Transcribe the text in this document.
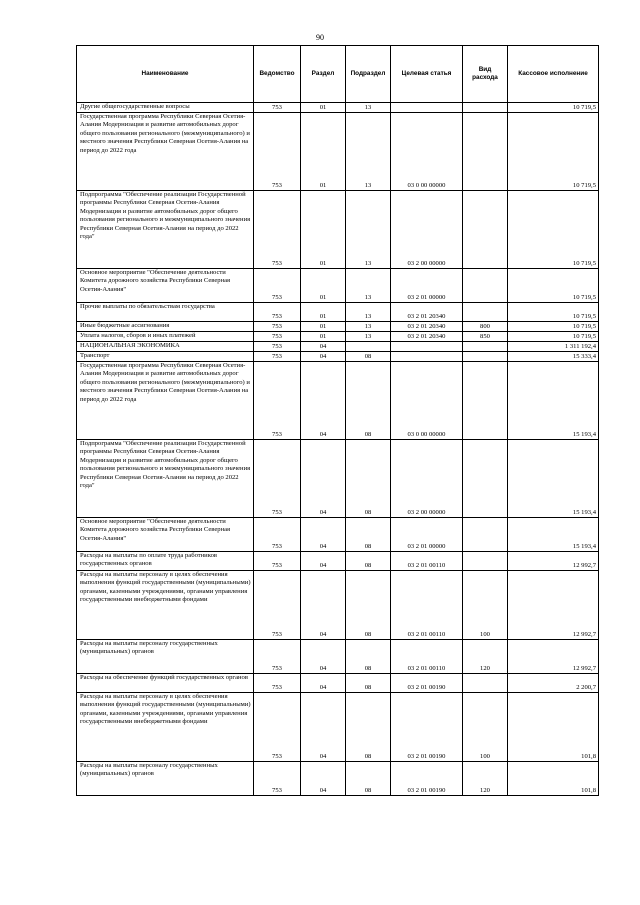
90
Наименование	Ведомство	Раздел	Подраздел	Целевая статья	Вид расхода	Кассовое исполнение
Другие общегосударственные вопросы	753	01	13			10 719,5
Государственная программа Республики Северная Осетия-Алания Модернизация и развитие автомобильных дорог общего пользования регионального (межмуниципального) и местного значения Республики Северная Осетия-Алания на период до 2022 года	753	01	13	03 0 00 00000		10 719,5
Подпрограмма "Обеспечение реализации Государственной программы Республики Северная Осетия-Алания Модернизация и развитие автомобильных дорог общего пользования регионального и межмуниципального значения Республики Северная Осетия-Алания на период до 2022 года"	753	01	13	03 2 00 00000		10 719,5
Основное мероприятие "Обеспечение деятельности Комитета дорожного хозяйства Республики Северная Осетия-Алания"	753	01	13	03 2 01 00000		10 719,5
Прочие выплаты по обязательствам государства	753	01	13	03 2 01 20340		10 719,5
Иные бюджетные ассигнования	753	01	13	03 2 01 20340	800	10 719,5
Уплата налогов, сборов и иных платежей	753	01	13	03 2 01 20340	850	10 719,5
НАЦИОНАЛЬНАЯ ЭКОНОМИКА	753	04				1 311 192,4
Транспорт	753	04	08			15 333,4
Государственная программа Республики Северная Осетия-Алания Модернизация и развитие автомобильных дорог общего пользования регионального (межмуниципального) и местного значения Республики Северная Осетия-Алания на период до 2022 года	753	04	08	03 0 00 00000		15 193,4
Подпрограмма "Обеспечение реализации Государственной программы Республики Северная Осетия-Алания Модернизация и развитие автомобильных дорог общего пользования регионального и межмуниципального значения Республики Северная Осетия-Алания на период до 2022 года"	753	04	08	03 2 00 00000		15 193,4
Основное мероприятие "Обеспечение деятельности Комитета дорожного хозяйства Республики Северная Осетия-Алания"	753	04	08	03 2 01 00000		15 193,4
Расходы на выплаты по оплате труда работников государственных органов	753	04	08	03 2 01 00110		12 992,7
Расходы на выплаты персоналу в целях обеспечения выполнения функций государственными (муниципальными) органами, казенными учреждениями, органами управления государственными внебюджетными фондами	753	04	08	03 2 01 00110	100	12 992,7
Расходы на выплаты персоналу государственных (муниципальных) органов	753	04	08	03 2 01 00110	120	12 992,7
Расходы на обеспечение функций государственных органов	753	04	08	03 2 01 00190		2 200,7
Расходы на выплаты персоналу в целях обеспечения выполнения функций государственными (муниципальными) органами, казенными учреждениями, органами управления государственными внебюджетными фондами	753	04	08	03 2 01 00190	100	101,8
Расходы на выплаты персоналу государственных (муниципальных) органов	753	04	08	03 2 01 00190	120	101,8
